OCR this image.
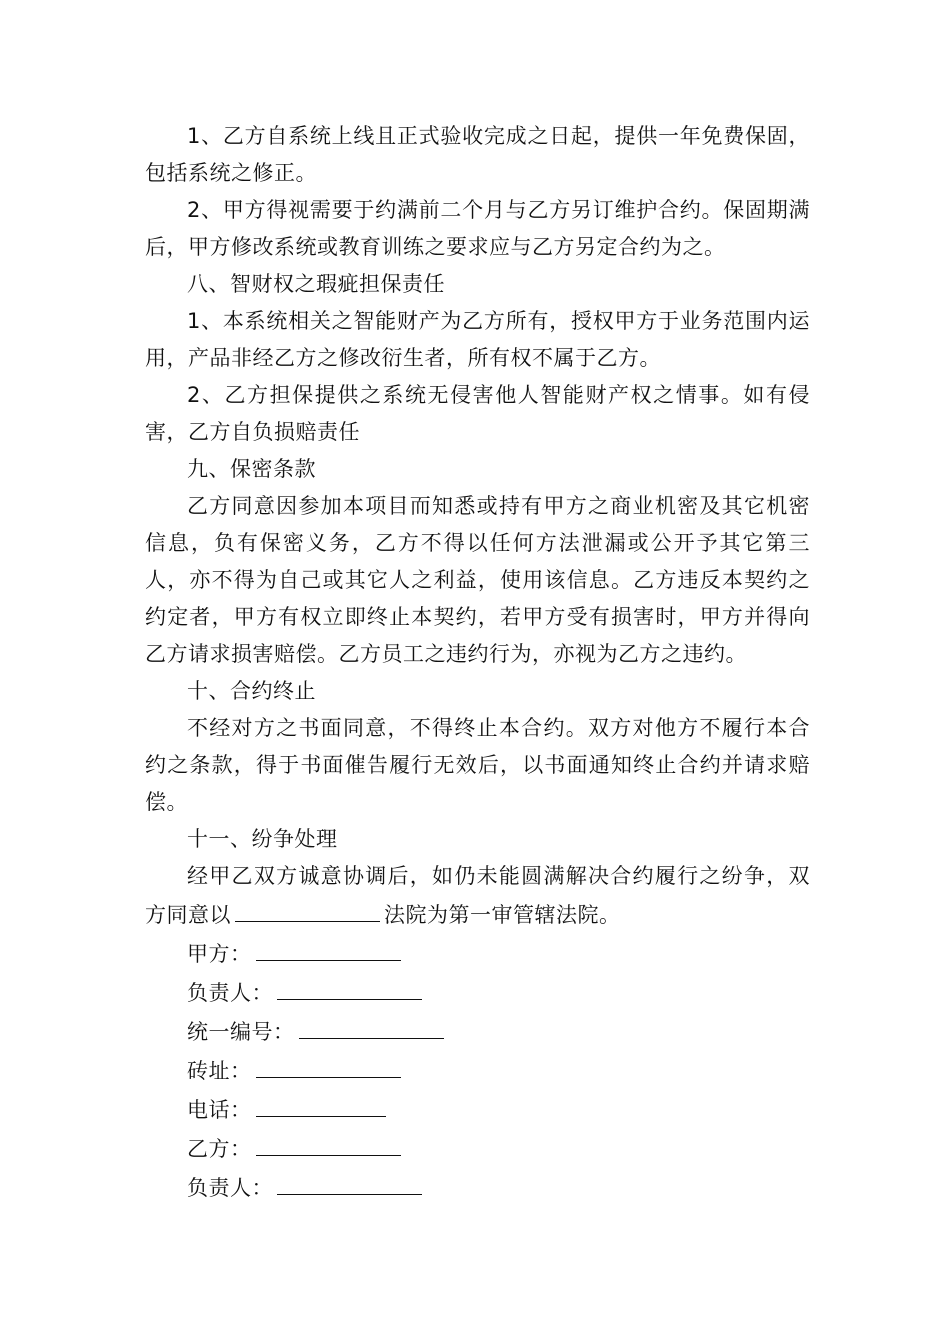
1、乙方自系统上线且正式验收完成之日起，提供一年免费保固，包括系统之修正。

2、甲方得视需要于约满前二个月与乙方另订维护合约。保固期满后，甲方修改系统或教育训练之要求应与乙方另定合约为之。

八、智财权之瑕疵担保责任

1、本系统相关之智能财产为乙方所有，授权甲方于业务范围内运用，产品非经乙方之修改衍生者，所有权不属于乙方。

2、乙方担保提供之系统无侵害他人智能财产权之情事。如有侵害，乙方自负损赔责任

九、保密条款

乙方同意因参加本项目而知悉或持有甲方之商业机密及其它机密信息，负有保密义务，乙方不得以任何方法泄漏或公开予其它第三人，亦不得为自己或其它人之利益，使用该信息。乙方违反本契约之约定者，甲方有权立即终止本契约，若甲方受有损害时，甲方并得向乙方请求损害赔偿。乙方员工之违约行为，亦视为乙方之违约。

十、合约终止

不经对方之书面同意，不得终止本合约。双方对他方不履行本合约之条款，得于书面催告履行无效后，以书面通知终止合约并请求赔偿。

十一、纷争处理

经甲乙双方诚意协调后，如仍未能圆满解决合约履行之纷争，双方同意以	法院为第一审管辖法院。

甲方：

负责人：

统一编号：

砖址：

电话：

乙方：

负责人：
